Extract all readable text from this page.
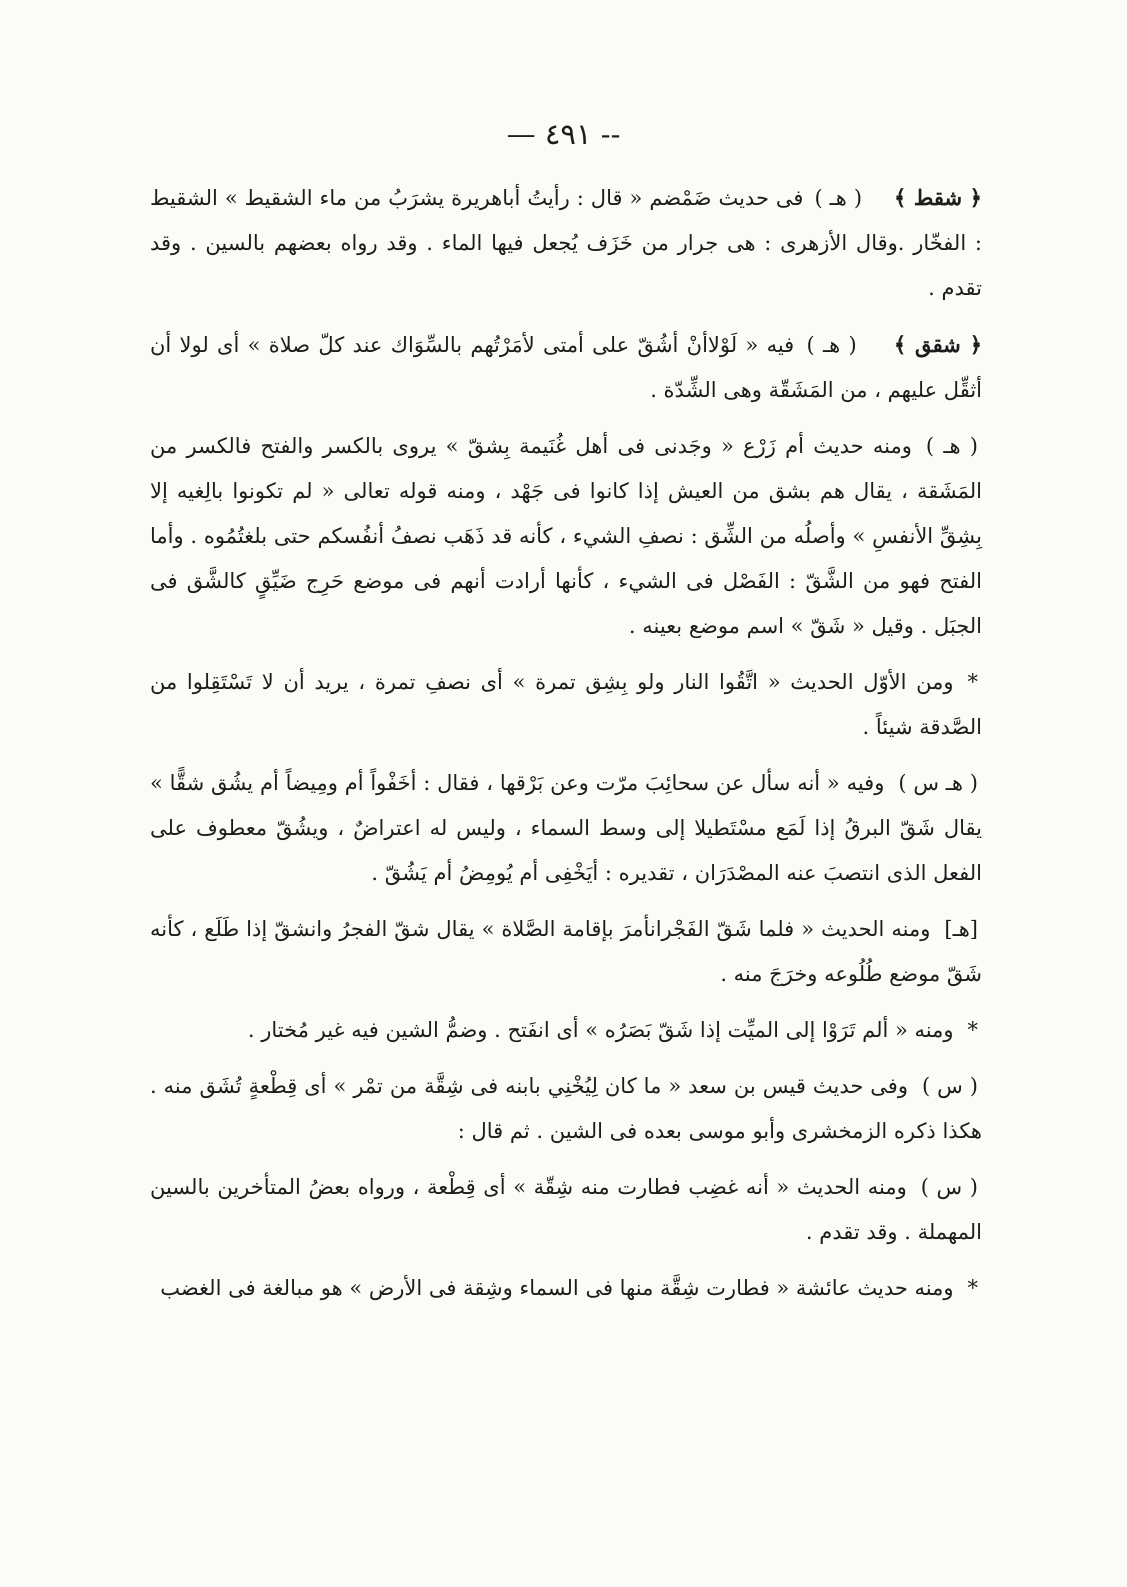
— ٤٩١ --

﴿ شقط ﴾    ( هـ ) فى حديث ضَمْضم « قال : رأيتُ أباهريرة يشرَبُ من ماء الشقيط » الشقيط : الفخّار .وقال الأزهرى : هى جرار من خَزَف يُجعل فيها الماء . وقد رواه بعضهم بالسين . وقد تقدم .

﴿ شقق ﴾    ( هـ ) فيه « لَوْلاأنْ أشُقّ على أمتى لأمَرْتُهم بالسِّوَاك عند كلّ صلاة » أى لولا أن أثقِّل عليهم ، من المَشَقّة وهى الشِّدّة .

( هـ )ومنه حديث أم زَرْع « وجَدنى فى أهل غُنَيمة بِشقّ » يروى بالكسر والفتح فالكسر من المَشَقة ، يقال هم بشق من العيش إذا كانوا فى جَهْد ، ومنه قوله تعالى « لم تكونوا بالِغيه إلا بِشِقِّ الأنفسِ » وأصلُه من الشِّق : نصفِ الشيء ، كأنه قد ذَهَب نصفُ أنفُسكم حتى بلغتُمُوه . وأما الفتح فهو من الشَّقّ : الفَصْل فى الشيء ، كأنها أرادت أنهم فى موضع حَرِج ضَيِّقٍ كالشَّق فى الجبَل . وقيل « شَقّ » اسم موضع بعينه .

*ومن الأوّل الحديث « اتَّقُوا النار ولو بِشِق تمرة » أى نصفِ تمرة ، يريد أن لا تَسْتَقِلوا من الصَّدقة شيئاً .

( هـ س )وفيه « أنه سأل عن سحائِبَ مرّت وعن بَرْقها ، فقال : أخَفْواً أم ومِيضاً أم يشُق شقًّا » يقال شَقّ البرقُ إذا لَمَع مسْتَطيلا إلى وسط السماء ، وليس له اعتراضٌ ، ويشُقّ معطوف على الفعل الذى انتصبَ عنه المصْدَرَان ، تقديره : أيَخْفِى أم يُومِضُ أم يَشُقّ .

[هـ]ومنه الحديث « فلما شَقّ الفَجْرانأمرَ بإقامة الصَّلاة » يقال شقّ الفجرُ وانشقّ إذا طَلَع ، كأنه شَقّ موضع طُلُوعه وخرَجَ منه .

*ومنه « ألم تَرَوْا إلى الميِّت إذا شَقّ بَصَرُه » أى انفَتح . وضمُّ الشين فيه غير مُختار .

( س )وفى حديث قيس بن سعد « ما كان لِيُخْنِي بابنه فى شِقَّة من تمْر » أى قِطْعةٍ تُشَق منه . هكذا ذكره الزمخشرى وأبو موسى بعده فى الشين . ثم قال :

( س )ومنه الحديث « أنه غضِب فطارت منه شِقّة » أى قِطْعة ، ورواه بعضُ المتأخرين بالسين المهملة . وقد تقدم .

*ومنه حديث عائشة « فطارت شِقَّة منها فى السماء وشِقة فى الأرض » هو مبالغة فى الغضب
